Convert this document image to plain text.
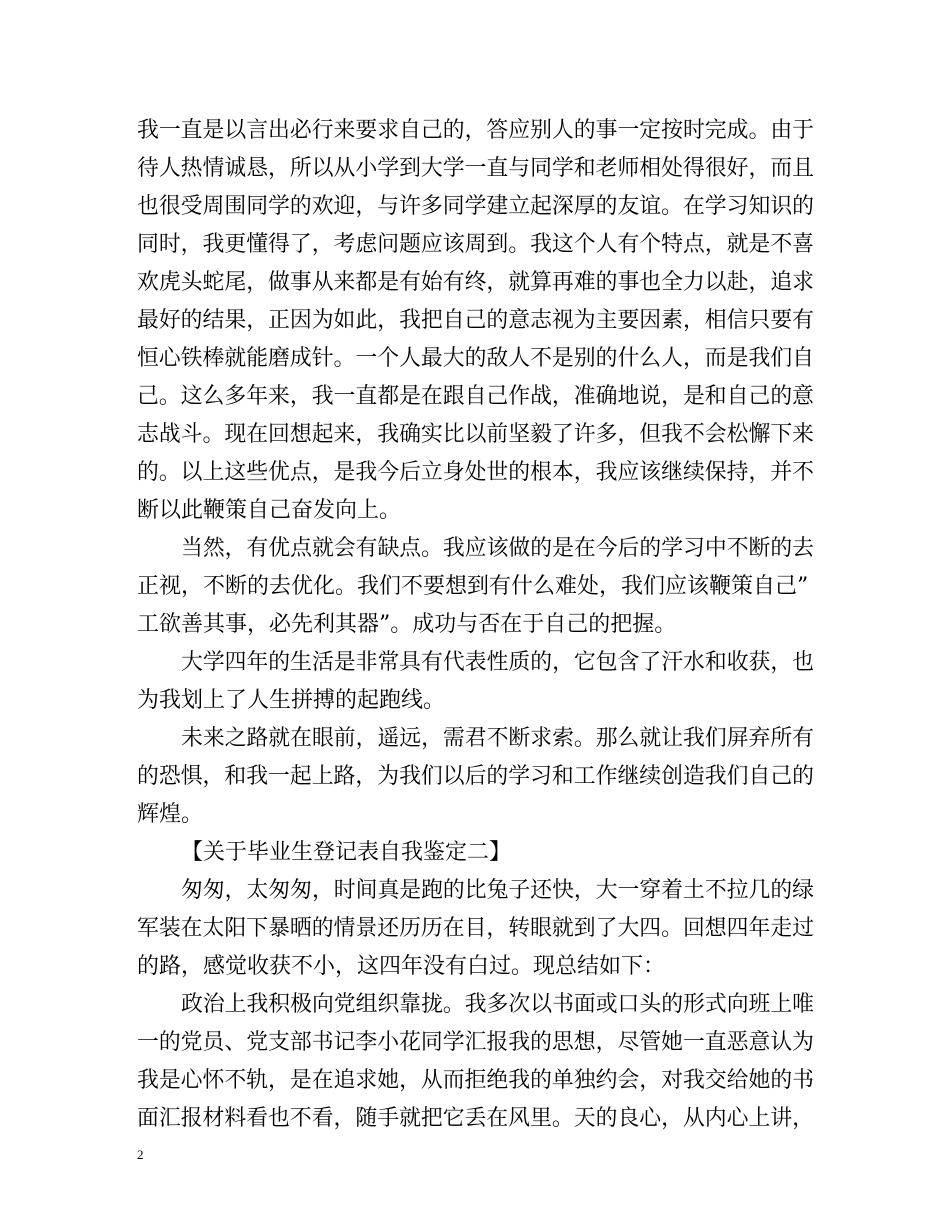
我一直是以言出必行来要求自己的，答应别人的事一定按时完成。由于
待人热情诚恳，所以从小学到大学一直与同学和老师相处得很好，而且
也很受周围同学的欢迎，与许多同学建立起深厚的友谊。在学习知识的
同时，我更懂得了，考虑问题应该周到。我这个人有个特点，就是不喜
欢虎头蛇尾，做事从来都是有始有终，就算再难的事也全力以赴，追求
最好的结果，正因为如此，我把自己的意志视为主要因素，相信只要有
恒心铁棒就能磨成针。一个人最大的敌人不是别的什么人，而是我们自
己。这么多年来，我一直都是在跟自己作战，准确地说，是和自己的意
志战斗。现在回想起来，我确实比以前坚毅了许多，但我不会松懈下来
的。以上这些优点，是我今后立身处世的根本，我应该继续保持，并不
断以此鞭策自己奋发向上。
当然，有优点就会有缺点。我应该做的是在今后的学习中不断的去
正视，不断的去优化。我们不要想到有什么难处，我们应该鞭策自己”
工欲善其事，必先利其器”。成功与否在于自己的把握。
大学四年的生活是非常具有代表性质的，它包含了汗水和收获，也
为我划上了人生拼搏的起跑线。
未来之路就在眼前，遥远，需君不断求索。那么就让我们屏弃所有
的恐惧，和我一起上路，为我们以后的学习和工作继续创造我们自己的
辉煌。
【关于毕业生登记表自我鉴定二】
匆匆，太匆匆，时间真是跑的比兔子还快，大一穿着土不拉几的绿
军装在太阳下暴晒的情景还历历在目，转眼就到了大四。回想四年走过
的路，感觉收获不小，这四年没有白过。现总结如下：
政治上我积极向党组织靠拢。我多次以书面或口头的形式向班上唯
一的党员、党支部书记李小花同学汇报我的思想，尽管她一直恶意认为
我是心怀不轨，是在追求她，从而拒绝我的单独约会，对我交给她的书
面汇报材料看也不看，随手就把它丢在风里。天的良心，从内心上讲，
2
